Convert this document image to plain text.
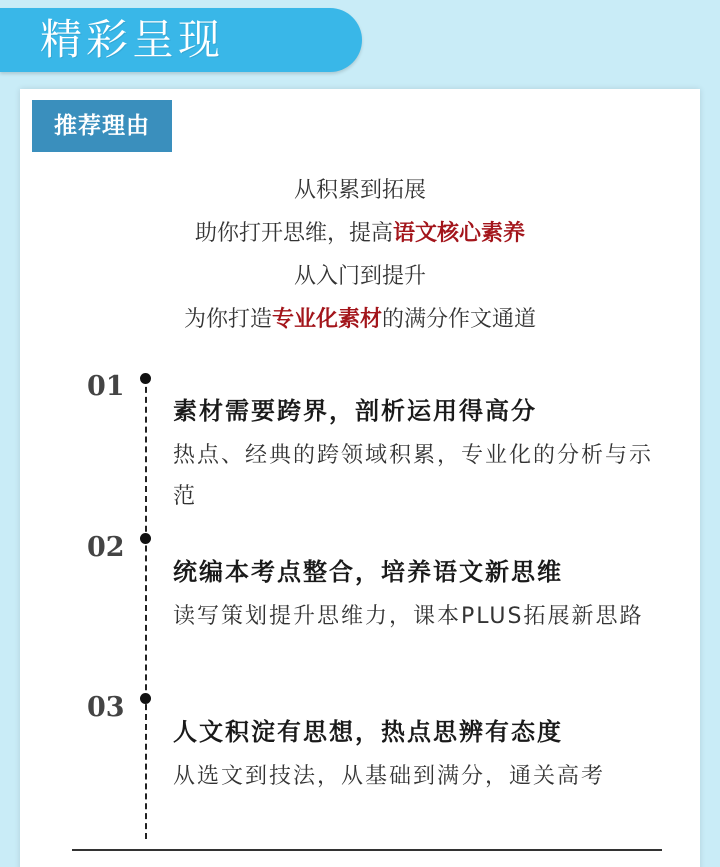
精彩呈现
推荐理由
从积累到拓展
助你打开思维，提高语文核心素养
从入门到提升
为你打造专业化素材的满分作文通道
01
素材需要跨界，剖析运用得高分
热点、经典的跨领域积累，专业化的分析与示范
02
统编本考点整合，培养语文新思维
读写策划提升思维力，课本PLUS拓展新思路
03
人文积淀有思想，热点思辨有态度
从选文到技法，从基础到满分，通关高考
